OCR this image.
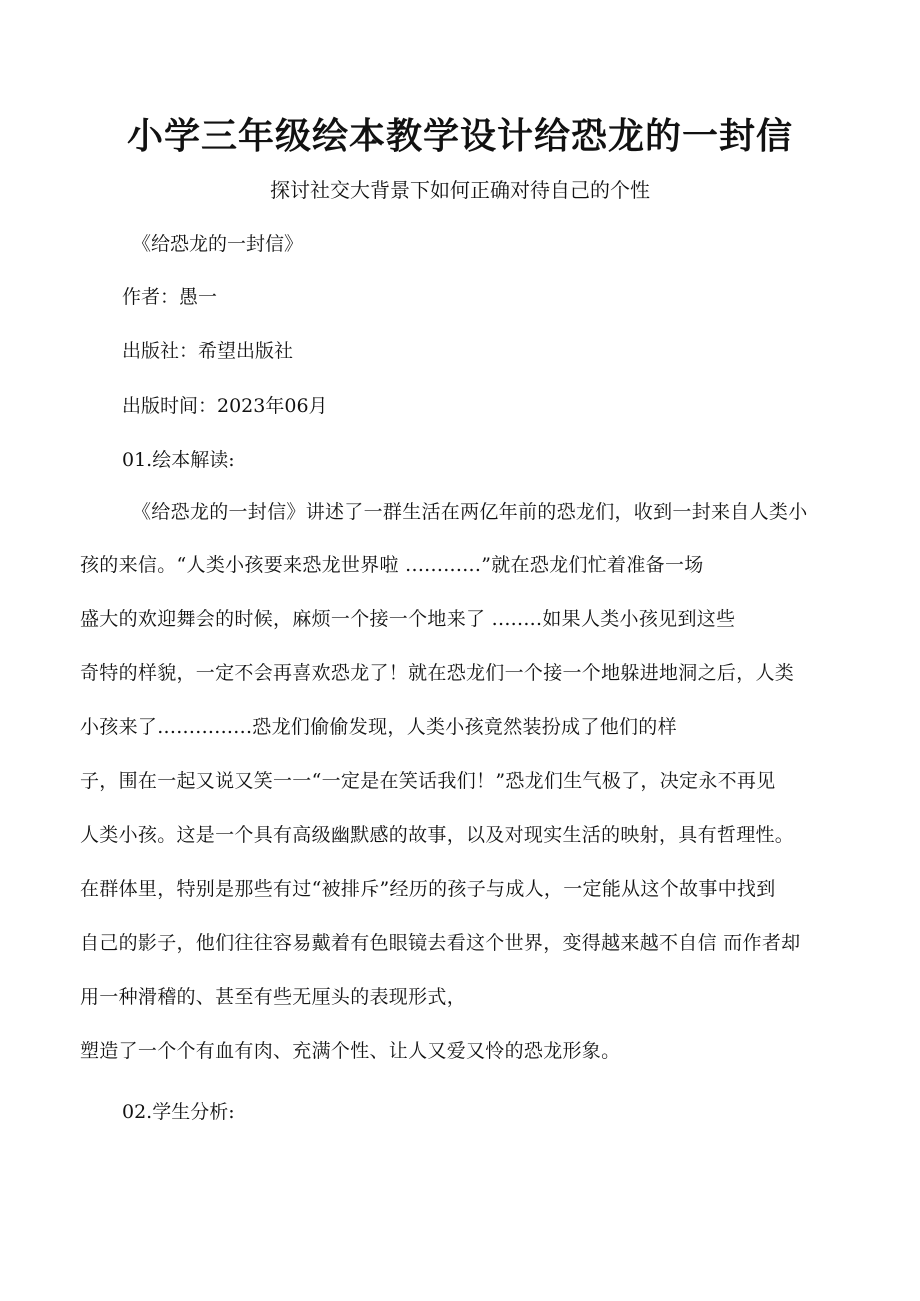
小学三年级绘本教学设计给恐龙的一封信

探讨社交大背景下如何正确对待自己的个性

《给恐龙的一封信》

作者：愚一

出版社：希望出版社

出版时间：2023年06月

01.绘本解读:

《给恐龙的一封信》讲述了一群生活在两亿年前的恐龙们，收到一封来自人类小

孩的来信。“人类小孩要来恐龙世界啦 ............”就在恐龙们忙着准备一场

盛大的欢迎舞会的时候，麻烦一个接一个地来了 ........如果人类小孩见到这些

奇特的样貌，一定不会再喜欢恐龙了！就在恐龙们一个接一个地躲进地洞之后，人类

小孩来了...............恐龙们偷偷发现，人类小孩竟然装扮成了他们的样

子，围在一起又说又笑一一“一定是在笑话我们！”恐龙们生气极了，决定永不再见

人类小孩。这是一个具有高级幽默感的故事，以及对现实生活的映射，具有哲理性。

在群体里，特别是那些有过“被排斥”经历的孩子与成人，一定能从这个故事中找到

自己的影子，他们往往容易戴着有色眼镜去看这个世界，变得越来越不自信 而作者却

用一种滑稽的、甚至有些无厘头的表现形式，

塑造了一个个有血有肉、充满个性、让人又爱又怜的恐龙形象。

02.学生分析:
